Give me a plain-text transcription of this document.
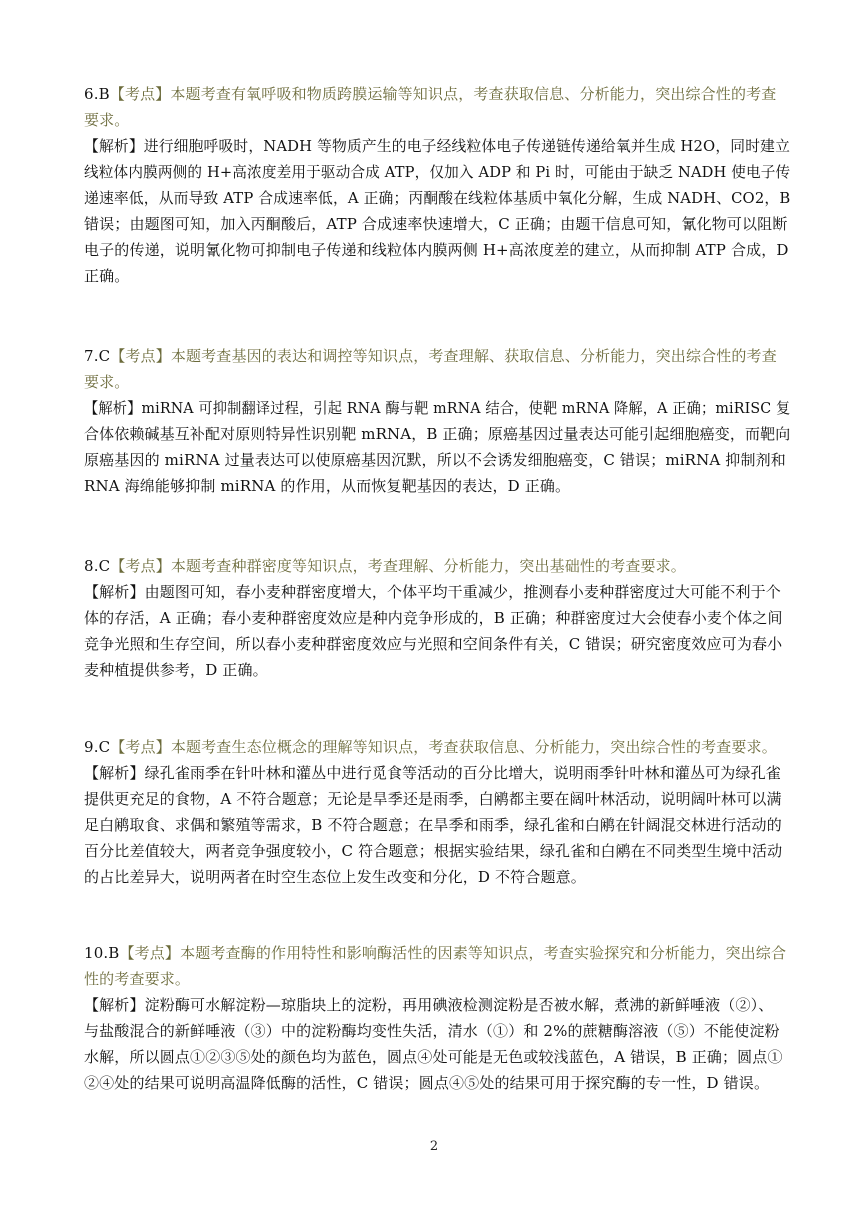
6.B【考点】本题考查有氧呼吸和物质跨膜运输等知识点，考查获取信息、分析能力，突出综合性的考查
要求。
【解析】进行细胞呼吸时，NADH 等物质产生的电子经线粒体电子传递链传递给氧并生成 H2O，同时建立
线粒体内膜两侧的 H+高浓度差用于驱动合成 ATP，仅加入 ADP 和 Pi 时，可能由于缺乏 NADH 使电子传
递速率低，从而导致 ATP 合成速率低，A 正确；丙酮酸在线粒体基质中氧化分解，生成 NADH、CO2，B
错误；由题图可知，加入丙酮酸后，ATP 合成速率快速增大，C 正确；由题干信息可知，氰化物可以阻断
电子的传递，说明氰化物可抑制电子传递和线粒体内膜两侧 H+高浓度差的建立，从而抑制 ATP 合成，D
正确。
7.C【考点】本题考查基因的表达和调控等知识点，考查理解、获取信息、分析能力，突出综合性的考查
要求。
【解析】miRNA 可抑制翻译过程，引起 RNA 酶与靶 mRNA 结合，使靶 mRNA 降解，A 正确；miRISC 复
合体依赖碱基互补配对原则特异性识别靶 mRNA，B 正确；原癌基因过量表达可能引起细胞癌变，而靶向
原癌基因的 miRNA 过量表达可以使原癌基因沉默，所以不会诱发细胞癌变，C 错误；miRNA 抑制剂和
RNA 海绵能够抑制 miRNA 的作用，从而恢复靶基因的表达，D 正确。
8.C【考点】本题考查种群密度等知识点，考查理解、分析能力，突出基础性的考查要求。
【解析】由题图可知，春小麦种群密度增大，个体平均干重减少，推测春小麦种群密度过大可能不利于个
体的存活，A 正确；春小麦种群密度效应是种内竞争形成的，B 正确；种群密度过大会使春小麦个体之间
竞争光照和生存空间，所以春小麦种群密度效应与光照和空间条件有关，C 错误；研究密度效应可为春小
麦种植提供参考，D 正确。
9.C【考点】本题考查生态位概念的理解等知识点，考查获取信息、分析能力，突出综合性的考查要求。
【解析】绿孔雀雨季在针叶林和灌丛中进行觅食等活动的百分比增大，说明雨季针叶林和灌丛可为绿孔雀
提供更充足的食物，A 不符合题意；无论是旱季还是雨季，白鹇都主要在阔叶林活动，说明阔叶林可以满
足白鹇取食、求偶和繁殖等需求，B 不符合题意；在旱季和雨季，绿孔雀和白鹇在针阔混交林进行活动的
百分比差值较大，两者竞争强度较小，C 符合题意；根据实验结果，绿孔雀和白鹇在不同类型生境中活动
的占比差异大，说明两者在时空生态位上发生改变和分化，D 不符合题意。
10.B【考点】本题考查酶的作用特性和影响酶活性的因素等知识点，考查实验探究和分析能力，突出综合
性的考查要求。
【解析】淀粉酶可水解淀粉—琼脂块上的淀粉，再用碘液检测淀粉是否被水解，煮沸的新鲜唾液（②）、
与盐酸混合的新鲜唾液（③）中的淀粉酶均变性失活，清水（①）和 2%的蔗糖酶溶液（⑤）不能使淀粉
水解，所以圆点①②③⑤处的颜色均为蓝色，圆点④处可能是无色或较浅蓝色，A 错误，B 正确；圆点①
②④处的结果可说明高温降低酶的活性，C 错误；圆点④⑤处的结果可用于探究酶的专一性，D 错误。
2
